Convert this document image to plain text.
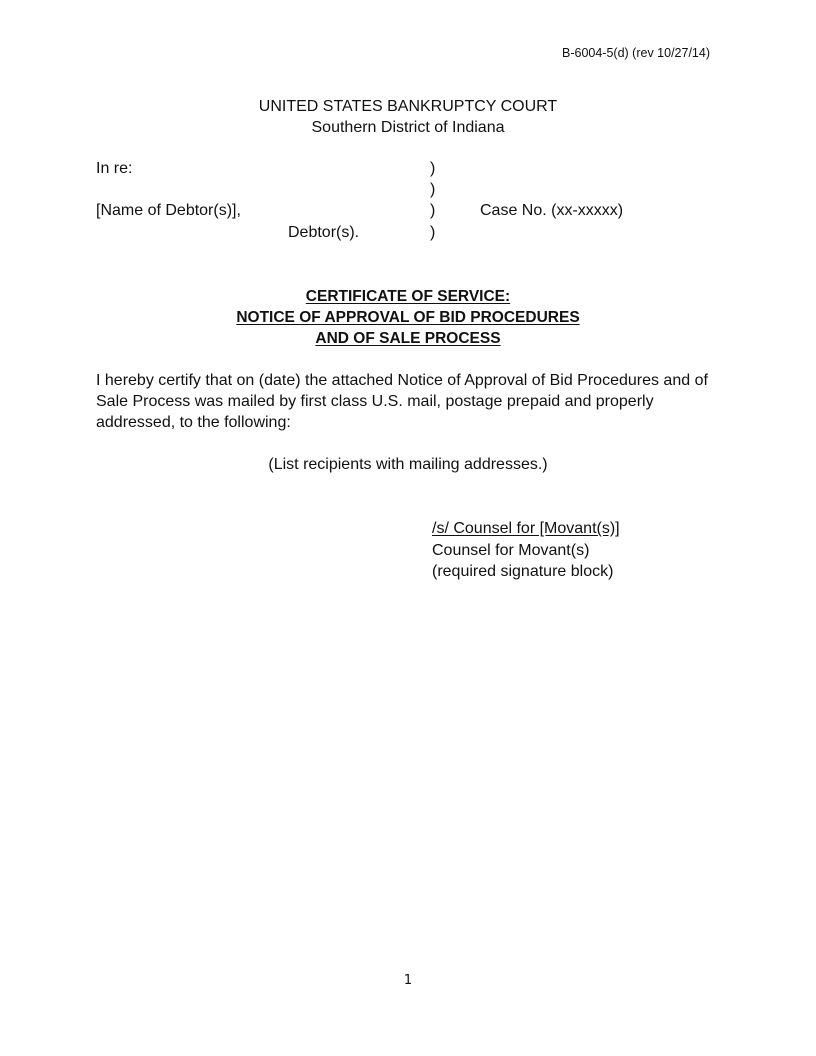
B-6004-5(d) (rev 10/27/14)
UNITED STATES BANKRUPTCY COURT
Southern District of Indiana
In re:	)
)
[Name of Debtor(s)],	)	Case No. (xx-xxxxx)
Debtor(s).	)
CERTIFICATE OF SERVICE:
NOTICE OF APPROVAL OF BID PROCEDURES
AND OF SALE PROCESS
I hereby certify that on (date) the attached Notice of Approval of Bid Procedures and of Sale Process was mailed by first class U.S. mail, postage prepaid and properly addressed, to the following:
(List recipients with mailing addresses.)
/s/ Counsel for [Movant(s)]
Counsel for Movant(s)
(required signature block)
1
